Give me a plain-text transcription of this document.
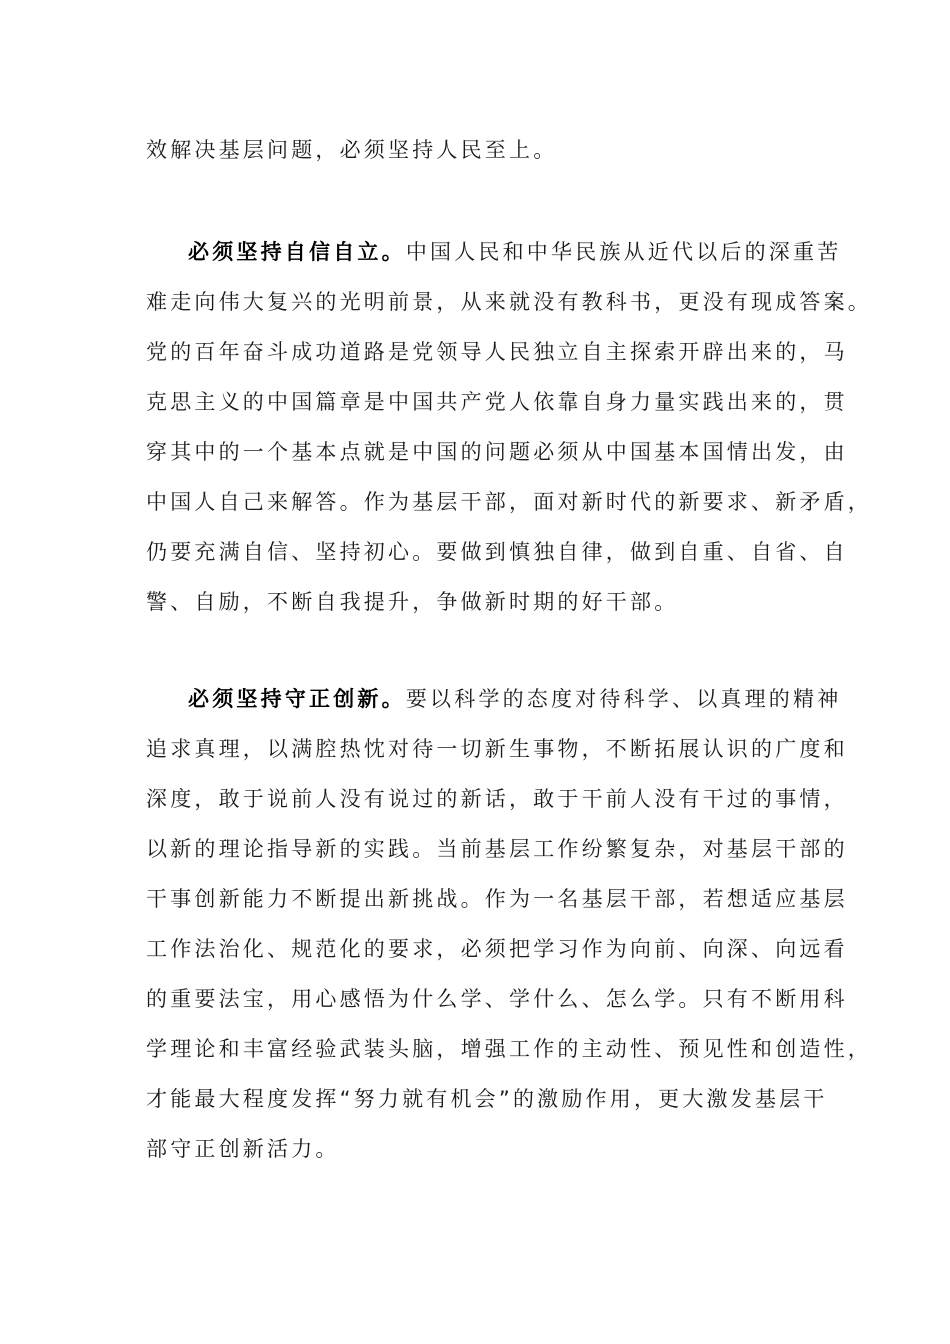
效解决基层问题，必须坚持人民至上。
必须坚持自信自立。中国人民和中华民族从近代以后的深重苦
难走向伟大复兴的光明前景，从来就没有教科书，更没有现成答案。
党的百年奋斗成功道路是党领导人民独立自主探索开辟出来的，马
克思主义的中国篇章是中国共产党人依靠自身力量实践出来的，贯
穿其中的一个基本点就是中国的问题必须从中国基本国情出发，由
中国人自己来解答。作为基层干部，面对新时代的新要求、新矛盾，
仍要充满自信、坚持初心。要做到慎独自律，做到自重、自省、自
警、自励，不断自我提升，争做新时期的好干部。
必须坚持守正创新。要以科学的态度对待科学、以真理的精神
追求真理，以满腔热忱对待一切新生事物，不断拓展认识的广度和
深度，敢于说前人没有说过的新话，敢于干前人没有干过的事情，
以新的理论指导新的实践。当前基层工作纷繁复杂，对基层干部的
干事创新能力不断提出新挑战。作为一名基层干部，若想适应基层
工作法治化、规范化的要求，必须把学习作为向前、向深、向远看
的重要法宝，用心感悟为什么学、学什么、怎么学。只有不断用科
学理论和丰富经验武装头脑，增强工作的主动性、预见性和创造性，
才能最大程度发挥“努力就有机会”的激励作用，更大激发基层干
部守正创新活力。
